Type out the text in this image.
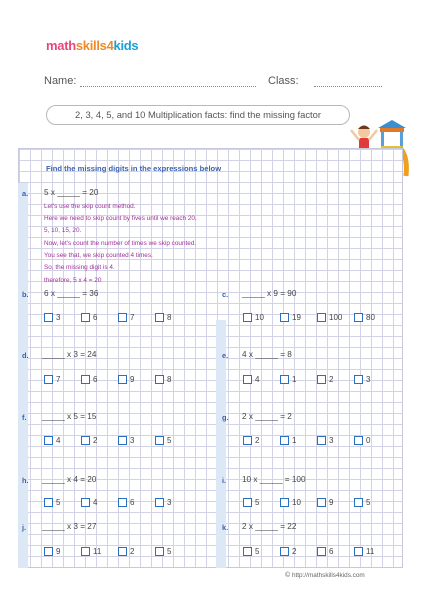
mathskills4kids
Name:	Class:
2, 3, 4, 5, and 10 Multiplication facts: find the missing factor
Find the missing digits in the expressions below
a. 5 x _____ = 20
Let's use the skip count method.
Here we need to skip count by fives until we reach 20.
5, 10, 15, 20.
Now, let's count the number of times we skip counted.
You see that, we skip counted 4 times.
So, the missing digit is 4.
therefore, 5 x 4 = 20
b. 6 x _____ = 36
3	6	7	8
c. _____ x 9 = 90
10	19	100	80
d. _____ x 3 = 24
7	6	9	8
e. 4 x _____ = 8
4	1	2	3
f. _____ x 5 = 15
4	2	3	5
g. 2 x _____ = 2
2	1	3	0
h. _____ x 4 = 20
5	4	6	3
i. 10 x _____ = 100
5	10	9	5
j. _____ x 3 = 27
9	11	2	5
k. 2 x _____ = 22
5	2	6	11
© http://mathskills4kids.com
